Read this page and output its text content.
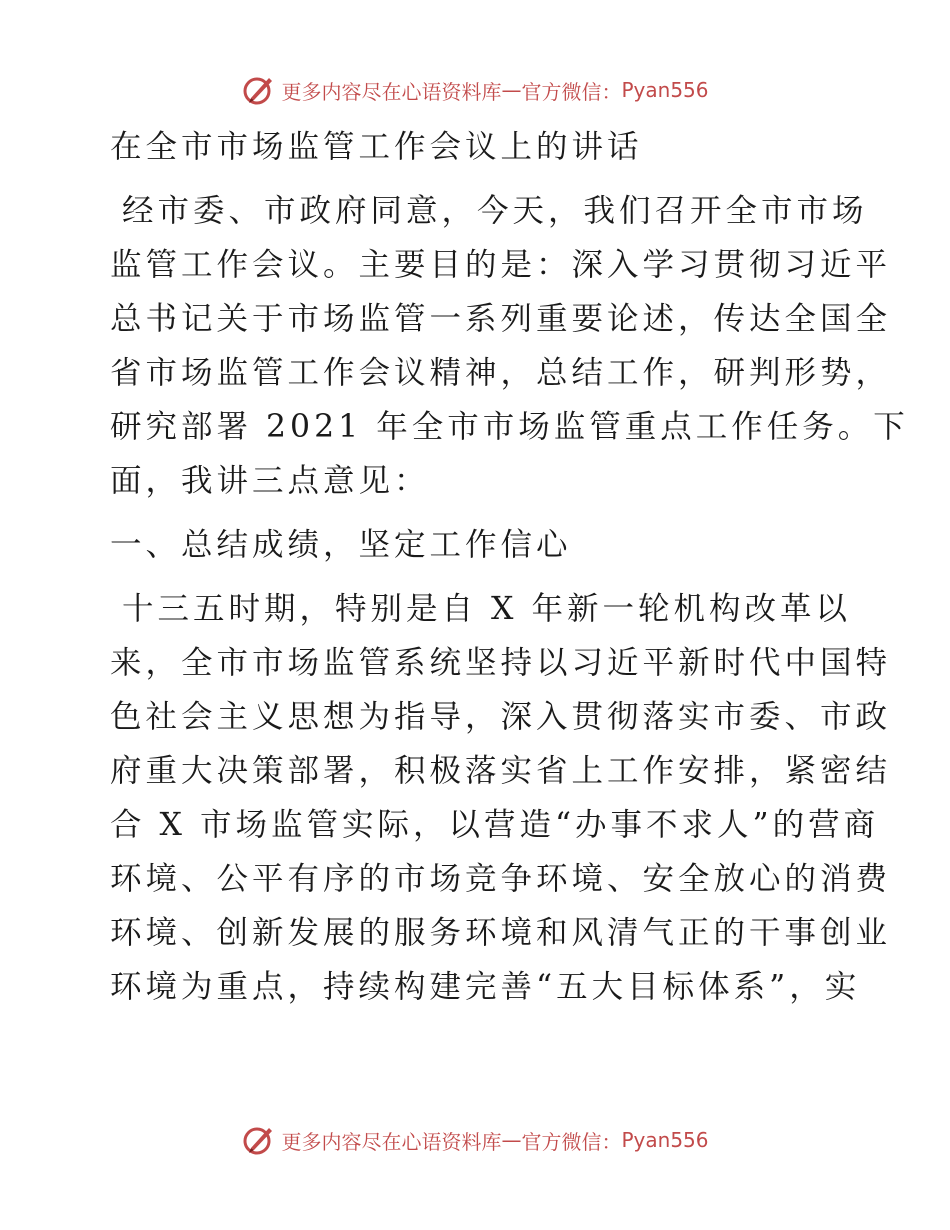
更多内容尽在心语资料库 — 官方微信： Pyan556

在全市市场监管工作会议上的讲话

经市委、市政府同意，今天，我们召开全市市场
监管工作会议。主要目的是：深入学习贯彻习近平
总书记关于市场监管一系列重要论述，传达全国全
省市场监管工作会议精神，总结工作，研判形势，
研究部署 2021 年全市市场监管重点工作任务。下
面，我讲三点意见：

一、总结成绩，坚定工作信心

十三五时期，特别是自 X 年新一轮机构改革以
来，全市市场监管系统坚持以习近平新时代中国特
色社会主义思想为指导，深入贯彻落实市委、市政
府重大决策部署，积极落实省上工作安排，紧密结
合 X 市场监管实际，以营造“办事不求人”的营商
环境、公平有序的市场竞争环境、安全放心的消费
环境、创新发展的服务环境和风清气正的干事创业
环境为重点，持续构建完善“五大目标体系”，实

更多内容尽在心语资料库 — 官方微信： Pyan556
